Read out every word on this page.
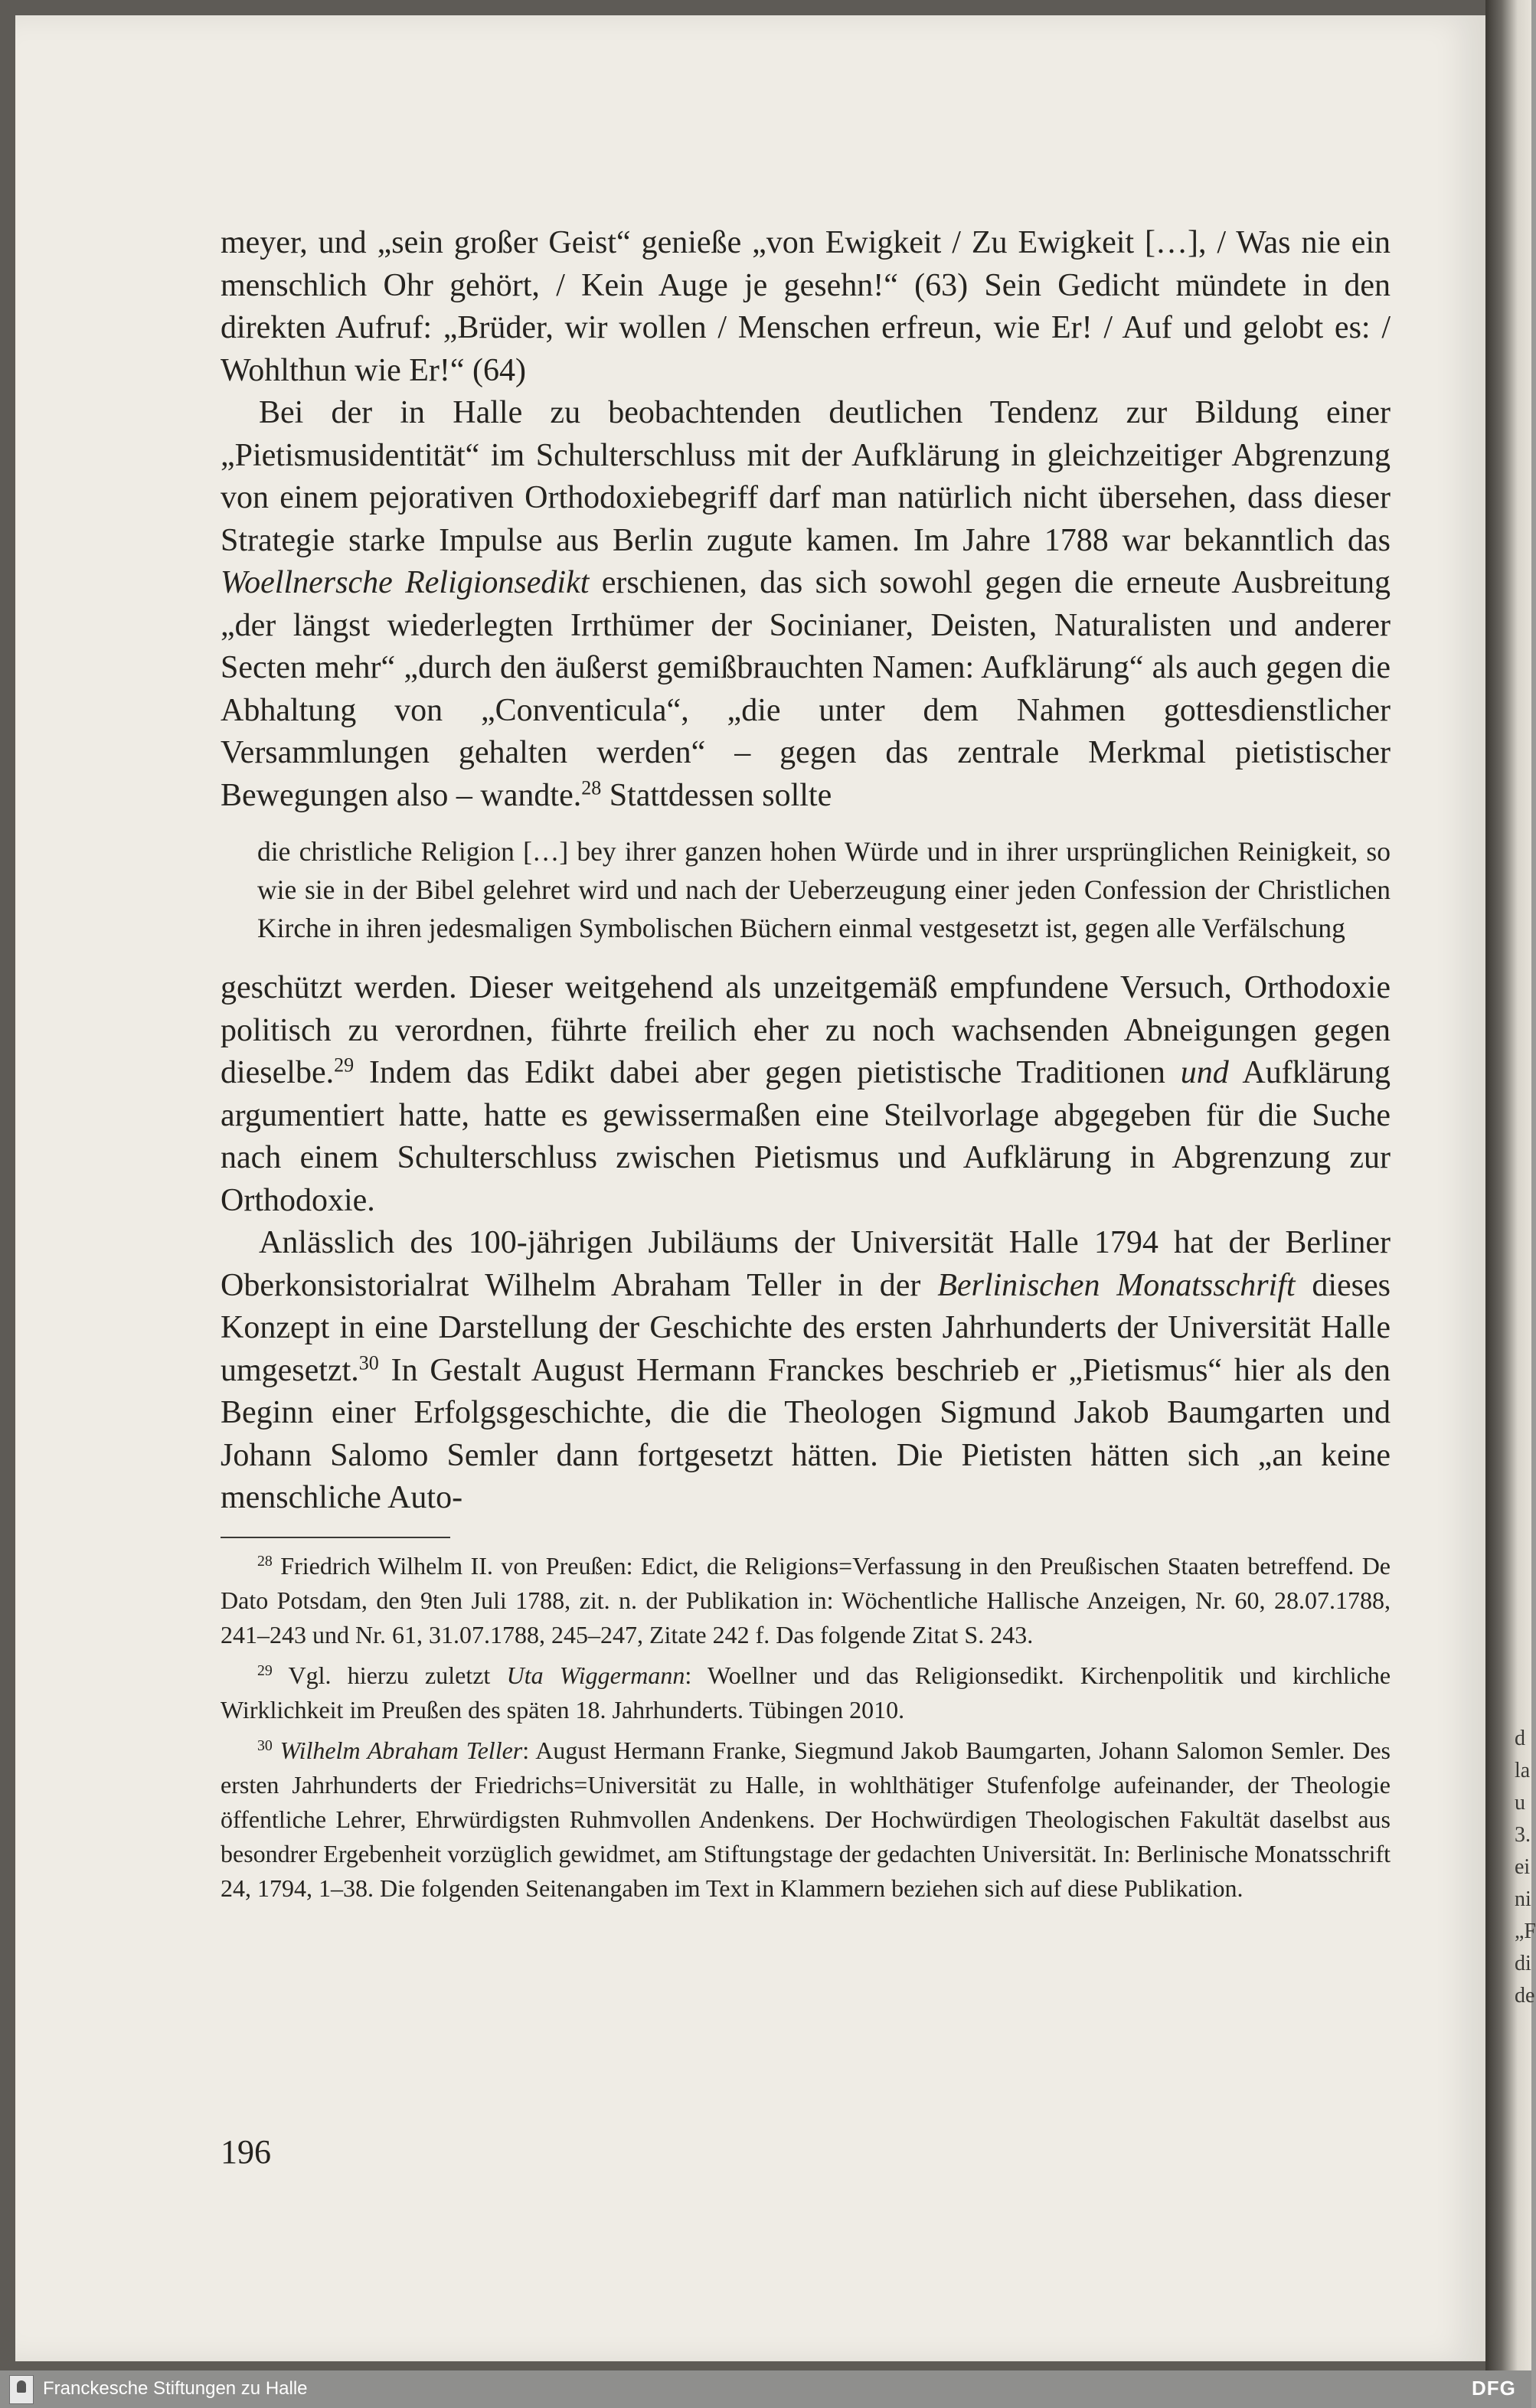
d
la
u
3.
ei
ni
„F
di
de

meyer, und „sein großer Geist“ genieße „von Ewigkeit / Zu Ewigkeit […], / Was nie ein menschlich Ohr gehört, / Kein Auge je gesehn!“ (63) Sein Gedicht mündete in den direkten Aufruf: „Brüder, wir wollen / Menschen erfreun, wie Er! / Auf und gelobt es: / Wohlthun wie Er!“ (64)

Bei der in Halle zu beobachtenden deutlichen Tendenz zur Bildung einer „Pietismusidentität“ im Schulterschluss mit der Aufklärung in gleichzeitiger Abgrenzung von einem pejorativen Orthodoxiebegriff darf man natürlich nicht übersehen, dass dieser Strategie starke Impulse aus Berlin zugute kamen. Im Jahre 1788 war bekanntlich das Woellnersche Religionsedikt erschienen, das sich sowohl gegen die erneute Ausbreitung „der längst wiederlegten Irrthümer der Socinianer, Deisten, Naturalisten und anderer Secten mehr“ „durch den äußerst gemißbrauchten Namen: Aufklärung“ als auch gegen die Abhaltung von „Conventicula“, „die unter dem Nahmen gottesdienstlicher Versammlungen gehalten werden“ – gegen das zentrale Merkmal pietistischer Bewegungen also – wandte.$^{28}$ Stattdessen sollte

die christliche Religion […] bey ihrer ganzen hohen Würde und in ihrer ursprünglichen Reinigkeit, so wie sie in der Bibel gelehret wird und nach der Ueberzeugung einer jeden Confession der Christlichen Kirche in ihren jedesmaligen Symbolischen Büchern einmal vestgesetzt ist, gegen alle Verfälschung

geschützt werden. Dieser weitgehend als unzeitgemäß empfundene Versuch, Orthodoxie politisch zu verordnen, führte freilich eher zu noch wachsenden Abneigungen gegen dieselbe.$^{29}$ Indem das Edikt dabei aber gegen pietistische Traditionen und Aufklärung argumentiert hatte, hatte es gewissermaßen eine Steilvorlage abgegeben für die Suche nach einem Schulterschluss zwischen Pietismus und Aufklärung in Abgrenzung zur Orthodoxie.

Anlässlich des 100-jährigen Jubiläums der Universität Halle 1794 hat der Berliner Oberkonsistorialrat Wilhelm Abraham Teller in der Berlinischen Monatsschrift dieses Konzept in eine Darstellung der Geschichte des ersten Jahrhunderts der Universität Halle umgesetzt.$^{30}$ In Gestalt August Hermann Franckes beschrieb er „Pietismus“ hier als den Beginn einer Erfolgsgeschichte, die die Theologen Sigmund Jakob Baumgarten und Johann Salomo Semler dann fortgesetzt hätten. Die Pietisten hätten sich „an keine menschliche Auto-

$^{28}$ Friedrich Wilhelm II. von Preußen: Edict, die Religions=Verfassung in den Preußischen Staaten betreffend. De Dato Potsdam, den 9ten Juli 1788, zit. n. der Publikation in: Wöchentliche Hallische Anzeigen, Nr. 60, 28.07.1788, 241–243 und Nr. 61, 31.07.1788, 245–247, Zitate 242 f. Das folgende Zitat S. 243.

$^{29}$ Vgl. hierzu zuletzt Uta Wiggermann: Woellner und das Religionsedikt. Kirchenpolitik und kirchliche Wirklichkeit im Preußen des späten 18. Jahrhunderts. Tübingen 2010.

$^{30}$ Wilhelm Abraham Teller: August Hermann Franke, Siegmund Jakob Baumgarten, Johann Salomon Semler. Des ersten Jahrhunderts der Friedrichs=Universität zu Halle, in wohlthätiger Stufenfolge aufeinander, der Theologie öffentliche Lehrer, Ehrwürdigsten Ruhmvollen Andenkens. Der Hochwürdigen Theologischen Fakultät daselbst aus besondrer Ergebenheit vorzüglich gewidmet, am Stiftungstage der gedachten Universität. In: Berlinische Monatsschrift 24, 1794, 1–38. Die folgenden Seitenangaben im Text in Klammern beziehen sich auf diese Publikation.

196
Franckesche Stiftungen zu Halle	DFG
